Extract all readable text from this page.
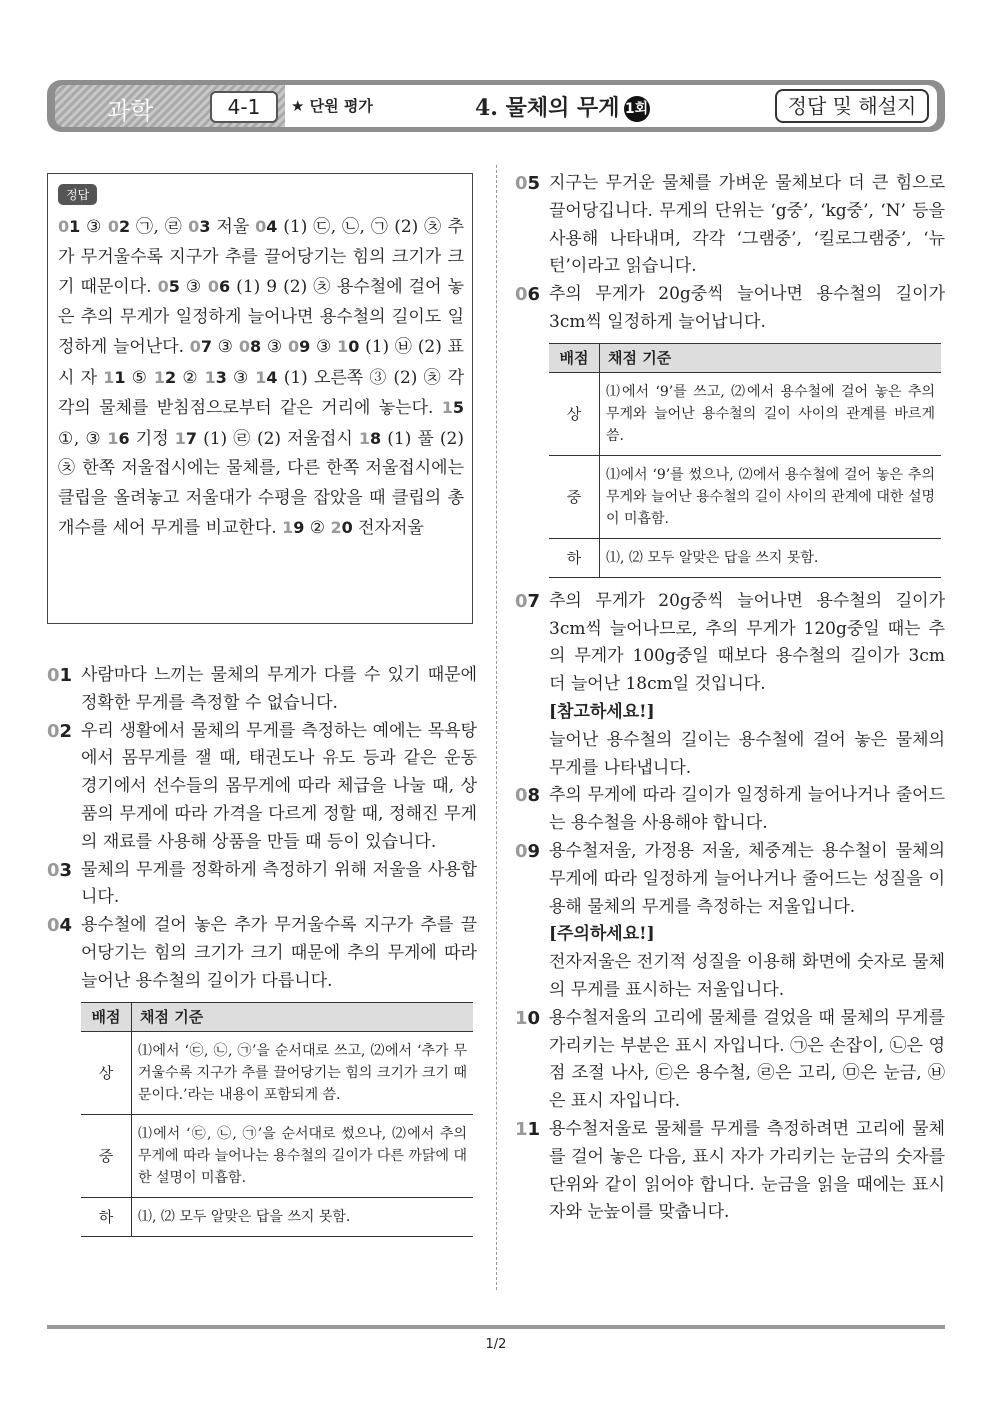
과학	4-1	★ 단원 평가	4. 물체의 무게 1회	정답 및 해설지
정답
01 ③ 02 ㉠, ㉣ 03 저울 04 (1) ㉢, ㉡, ㉠ (2) ㉩ 추가 무거울수록 지구가 추를 끌어당기는 힘의 크기가 크기 때문이다. 05 ③ 06 (1) 9 (2) ㉩ 용수철에 걸어 놓은 추의 무게가 일정하게 늘어나면 용수철의 길이도 일정하게 늘어난다. 07 ③ 08 ③ 09 ③ 10 (1) ㉥ (2) 표시 자 11 ⑤ 12 ② 13 ③ 14 (1) 오른쪽 ③ (2) ㉩ 각각의 물체를 받침점으로부터 같은 거리에 놓는다. 15 ①, ③ 16 기정 17 (1) ㉣ (2) 저울접시 18 (1) 풀 (2) ㉩ 한쪽 저울접시에는 물체를, 다른 한쪽 저울접시에는 클립을 올려놓고 저울대가 수평을 잡았을 때 클립의 총 개수를 세어 무게를 비교한다. 19 ② 20 전자저울
01 사람마다 느끼는 물체의 무게가 다를 수 있기 때문에 정확한 무게를 측정할 수 없습니다.
02 우리 생활에서 물체의 무게를 측정하는 예에는 목욕탕에서 몸무게를 잴 때, 태권도나 유도 등과 같은 운동 경기에서 선수들의 몸무게에 따라 체급을 나눌 때, 상품의 무게에 따라 가격을 다르게 정할 때, 정해진 무게의 재료를 사용해 상품을 만들 때 등이 있습니다.
03 물체의 무게를 정확하게 측정하기 위해 저울을 사용합니다.
04 용수철에 걸어 놓은 추가 무거울수록 지구가 추를 끌어당기는 힘의 크기가 크기 때문에 추의 무게에 따라 늘어난 용수철의 길이가 다릅니다.
배점	채점 기준
상	⑴에서 ‘㉢, ㉡, ㉠’을 순서대로 쓰고, ⑵에서 ‘추가 무거울수록 지구가 추를 끌어당기는 힘의 크기가 크기 때문이다.’라는 내용이 포함되게 씀.
중	⑴에서 ‘㉢, ㉡, ㉠’을 순서대로 썼으나, ⑵에서 추의 무게에 따라 늘어나는 용수철의 길이가 다른 까닭에 대한 설명이 미흡함.
하	⑴, ⑵ 모두 알맞은 답을 쓰지 못함.
05 지구는 무거운 물체를 가벼운 물체보다 더 큰 힘으로 끌어당깁니다. 무게의 단위는 ‘g중’, ‘kg중’, ‘N’ 등을 사용해 나타내며, 각각 ‘그램중’, ‘킬로그램중’, ‘뉴턴’이라고 읽습니다.
06 추의 무게가 20g중씩 늘어나면 용수철의 길이가 3cm씩 일정하게 늘어납니다.
배점	채점 기준
상	⑴에서 ‘9’를 쓰고, ⑵에서 용수철에 걸어 놓은 추의 무게와 늘어난 용수철의 길이 사이의 관계를 바르게 씀.
중	⑴에서 ‘9’를 썼으나, ⑵에서 용수철에 걸어 놓은 추의 무게와 늘어난 용수철의 길이 사이의 관계에 대한 설명이 미흡함.
하	⑴, ⑵ 모두 알맞은 답을 쓰지 못함.
07 추의 무게가 20g중씩 늘어나면 용수철의 길이가 3cm씩 늘어나므로, 추의 무게가 120g중일 때는 추의 무게가 100g중일 때보다 용수철의 길이가 3cm 더 늘어난 18cm일 것입니다.
[참고하세요!]
늘어난 용수철의 길이는 용수철에 걸어 놓은 물체의 무게를 나타냅니다.
08 추의 무게에 따라 길이가 일정하게 늘어나거나 줄어드는 용수철을 사용해야 합니다.
09 용수철저울, 가정용 저울, 체중계는 용수철이 물체의 무게에 따라 일정하게 늘어나거나 줄어드는 성질을 이용해 물체의 무게를 측정하는 저울입니다.
[주의하세요!]
전자저울은 전기적 성질을 이용해 화면에 숫자로 물체의 무게를 표시하는 저울입니다.
10 용수철저울의 고리에 물체를 걸었을 때 물체의 무게를 가리키는 부분은 표시 자입니다. ㉠은 손잡이, ㉡은 영점 조절 나사, ㉢은 용수철, ㉣은 고리, ㉤은 눈금, ㉥은 표시 자입니다.
11 용수철저울로 물체를 무게를 측정하려면 고리에 물체를 걸어 놓은 다음, 표시 자가 가리키는 눈금의 숫자를 단위와 같이 읽어야 합니다. 눈금을 읽을 때에는 표시 자와 눈높이를 맞춥니다.
1/2
